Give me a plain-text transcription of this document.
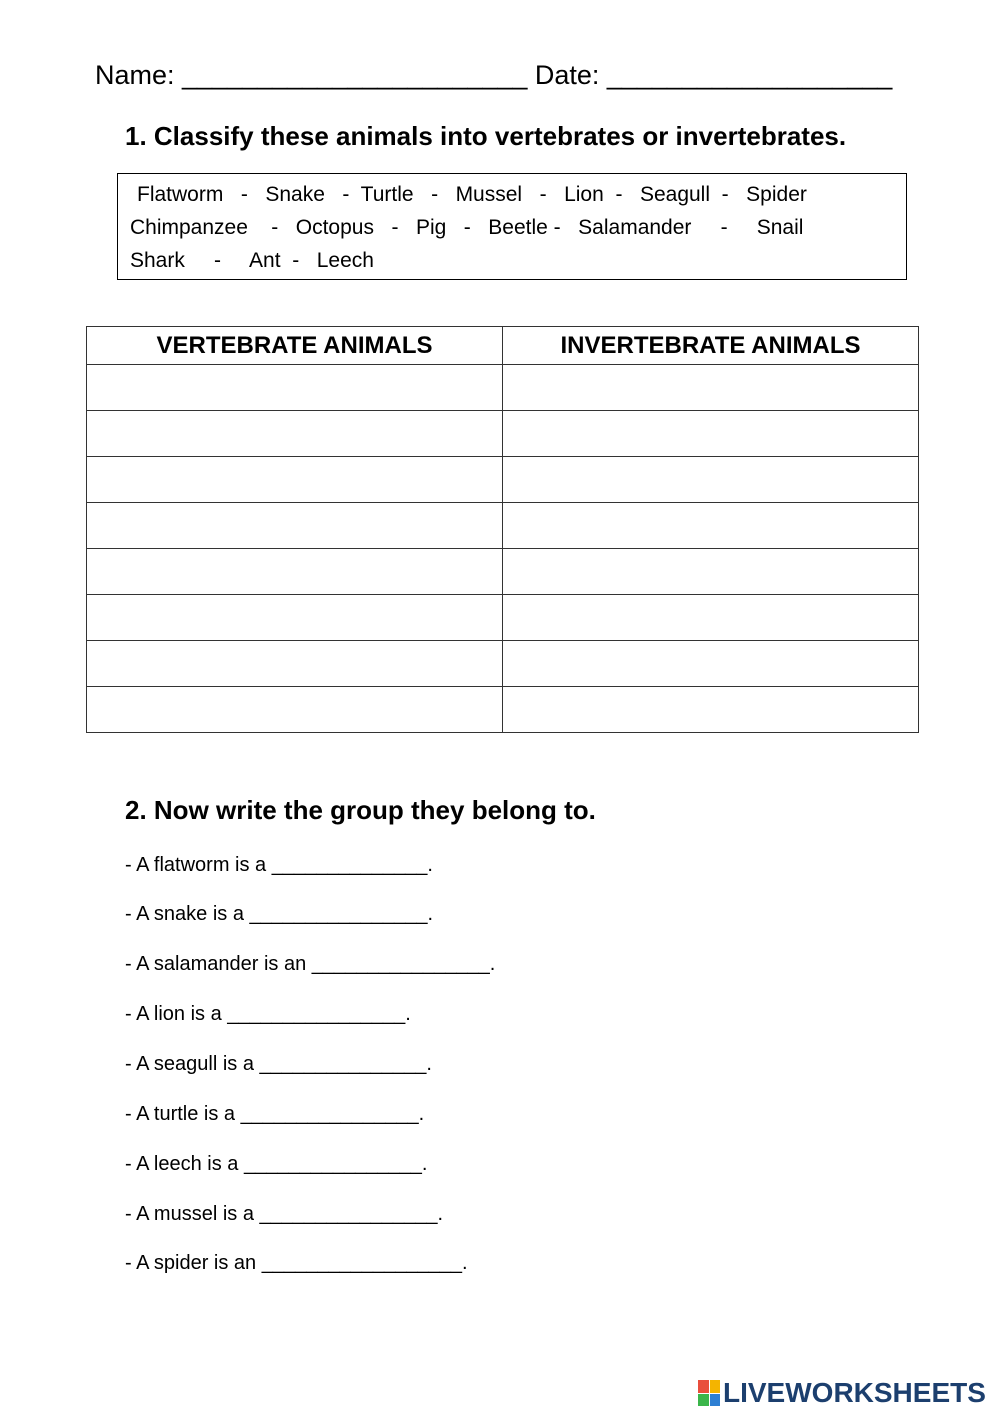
Name: _______________________ Date: ___________________
1. Classify these animals into vertebrates or invertebrates.
Flatworm   -   Snake   -  Turtle   -   Mussel   -   Lion  -   Seagull  -   Spider
Chimpanzee    -   Octopus   -   Pig   -   Beetle -   Salamander     -     Snail
Shark     -     Ant  -   Leech
VERTEBRATE ANIMALS	INVERTEBRATE ANIMALS

2. Now write the group they belong to.
- A flatworm is a ______________.
- A snake is a ________________.
- A salamander is an ________________.
- A lion is a ________________.
- A seagull is a _______________.
- A turtle is a ________________.
- A leech is a ________________.
- A mussel is a ________________.
- A spider is an __________________.
LIVEWORKSHEETS
